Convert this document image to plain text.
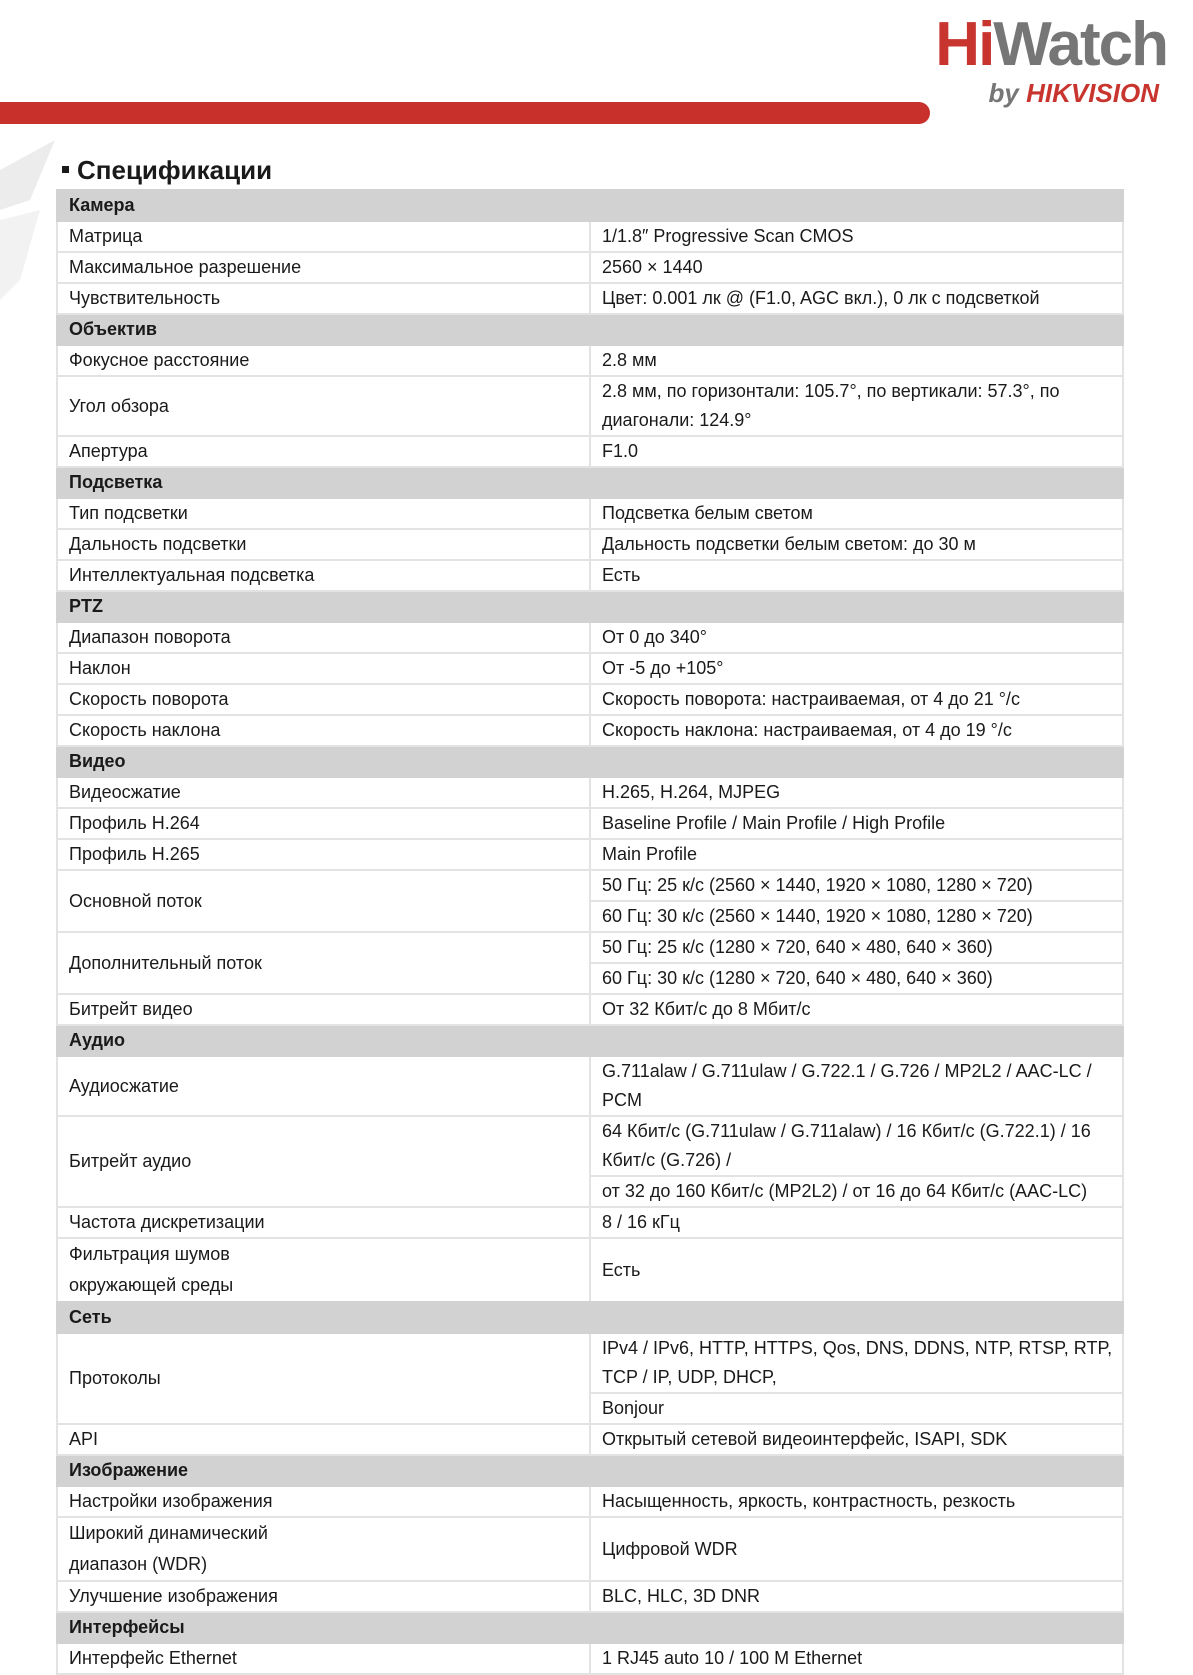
HiWatch
by HIKVISION
Спецификации
Камера	
Матрица	1/1.8″ Progressive Scan CMOS
Максимальное разрешение	2560 × 1440
Чувствительность	Цвет: 0.001 лк @ (F1.0, AGC вкл.), 0 лк с подсветкой
Объектив	
Фокусное расстояние	2.8 мм
Угол обзора	2.8 мм, по горизонтали: 105.7°, по вертикали: 57.3°, по диагонали: 124.9°
Апертура	F1.0
Подсветка	
Тип подсветки	Подсветка белым светом
Дальность подсветки	Дальность подсветки белым светом: до 30 м
Интеллектуальная подсветка	Есть
PTZ	
Диапазон поворота	От 0 до 340°
Наклон	От -5 до +105°
Скорость поворота	Скорость поворота: настраиваемая, от 4 до 21 °/с
Скорость наклона	Скорость наклона: настраиваемая, от 4 до 19 °/с
Видео	
Видеосжатие	H.265, H.264, MJPEG
Профиль H.264	Baseline Profile / Main Profile / High Profile
Профиль H.265	Main Profile
Основной поток	50 Гц: 25 к/с (2560 × 1440, 1920 × 1080, 1280 × 720)
	60 Гц: 30 к/с (2560 × 1440, 1920 × 1080, 1280 × 720)
Дополнительный поток	50 Гц: 25 к/с (1280 × 720, 640 × 480, 640 × 360)
	60 Гц: 30 к/с (1280 × 720, 640 × 480, 640 × 360)
Битрейт видео	От 32 Кбит/с до 8 Мбит/с
Аудио	
Аудиосжатие	G.711alaw / G.711ulaw / G.722.1 / G.726 / MP2L2 / AAC-LC / PCM
Битрейт аудио	64 Кбит/с (G.711ulaw / G.711alaw) / 16 Кбит/с (G.722.1) / 16 Кбит/с (G.726) /
	от 32 до 160 Кбит/с (MP2L2) / от 16 до 64 Кбит/с (AAC-LC)
Частота дискретизации	8 / 16 кГц

Фильтрация шумов
окружающей среды	Есть

Сеть	
Протоколы	IPv4 / IPv6, HTTP, HTTPS, Qos, DNS, DDNS, NTP, RTSP, RTP, TCP / IP, UDP, DHCP,
	Bonjour
API	Открытый сетевой видеоинтерфейс, ISAPI, SDK
Изображение	
Настройки изображения	Насыщенность, яркость, контрастность, резкость

Широкий динамический
диапазон (WDR)	Цифровой WDR

Улучшение изображения	BLC, HLC, 3D DNR
Интерфейсы	
Интерфейс Ethernet	1 RJ45 auto 10 / 100 M Ethernet
